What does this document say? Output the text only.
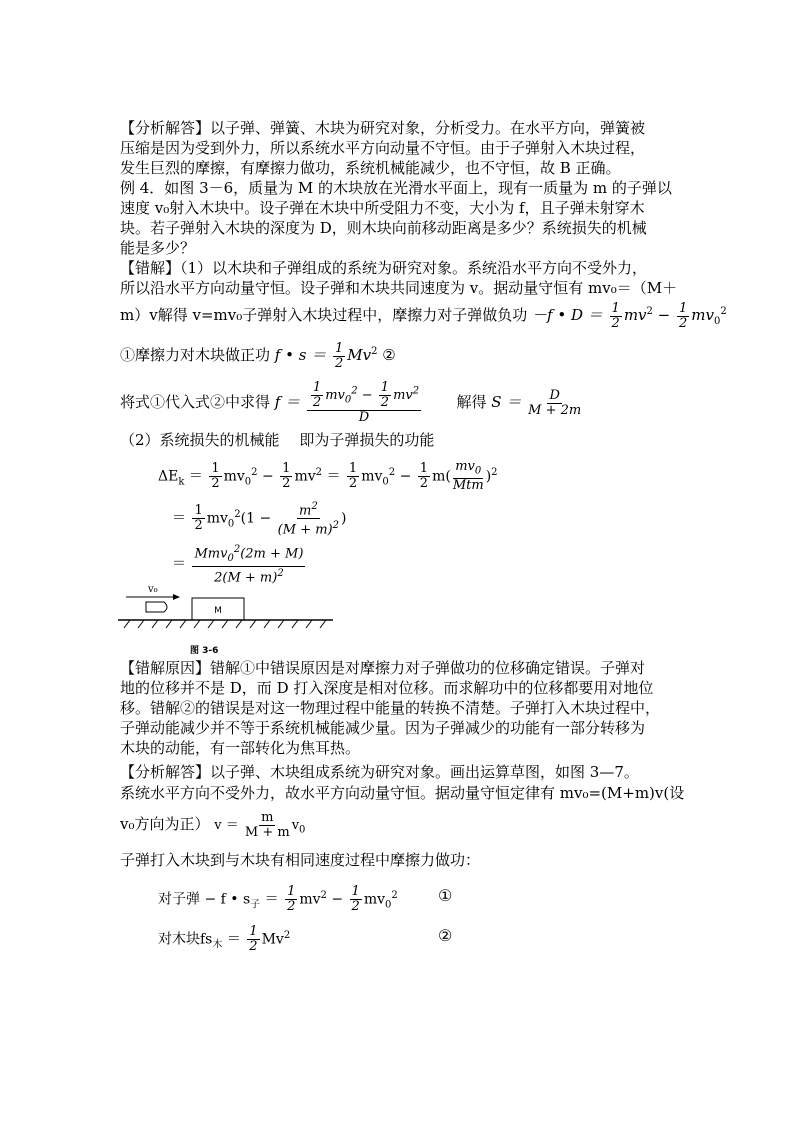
【分析解答】以子弹、弹簧、木块为研究对象，分析受力。在水平方向，弹簧被
压缩是因为受到外力，所以系统水平方向动量不守恒。由于子弹射入木块过程，
发生巨烈的摩擦，有摩擦力做功，系统机械能减少，也不守恒，故 B 正确。
例 4．如图 3－6，质量为 M 的木块放在光滑水平面上，现有一质量为 m 的子弹以
速度 v₀射入木块中。设子弹在木块中所受阻力不变，大小为 f，且子弹未射穿木
块。若子弹射入木块的深度为 D，则木块向前移动距离是多少？系统损失的机械
能是多少？
【错解】（1）以木块和子弹组成的系统为研究对象。系统沿水平方向不受外力，
所以沿水平方向动量守恒。设子弹和木块共同速度为 v。据动量守恒有 mv₀＝（M＋
m）v解得 v=mv₀子弹射入木块过程中，摩擦力对子弹做负功 －f • $D = \frac{1}{2} mv^2 - \frac{1}{2} mv_0^2$
①摩擦力对木块做正功 f • $s = \frac{1}{2} Mv^2$ ②
将式①代入式②中求得 $f = \frac{\frac{1}{2} mv_0^2 - \frac{1}{2} mv^2}{D}$ 解得 $S = \frac{D}{M + 2m}$
（2）系统损失的机械能　 即为子弹损失的功能
$\Delta E_k = \frac{1}{2} mv_0^2 - \frac{1}{2} mv^2 = \frac{1}{2} mv_0^2 - \frac{1}{2} m( \frac{mv_0}{\text{Mtm}} )^2$
＝ $\frac{1}{2} mv_0^2(1 - \frac{m^2}{(M + m)^2}$ )
＝ $\frac{Mmv_0^2(2m + M)}{2(M + m)^2}$
v₀
M
图 3-6
【错解原因】错解①中错误原因是对摩擦力对子弹做功的位移确定错误。子弹对
地的位移并不是 D，而 D 打入深度是相对位移。而求解功中的位移都要用对地位
移。错解②的错误是对这一物理过程中能量的转换不清楚。子弹打入木块过程中，
子弹动能减少并不等于系统机械能减少量。因为子弹减少的功能有一部分转移为
木块的动能，有一部转化为焦耳热。
【分析解答】以子弹、木块组成系统为研究对象。画出运算草图，如图 3—7。
系统水平方向不受外力，故水平方向动量守恒。据动量守恒定律有 mv₀=(M+m)v(设
v₀方向为正） $v = \frac{m}{M + m} v_0$
子弹打入木块到与木块有相同速度过程中摩擦力做功：
对子弹 − f • $s_子 = \frac{1}{2} mv^2 - \frac{1}{2} mv_0^2$	①
对木块$fs_木 = \frac{1}{2} Mv^2$	②
